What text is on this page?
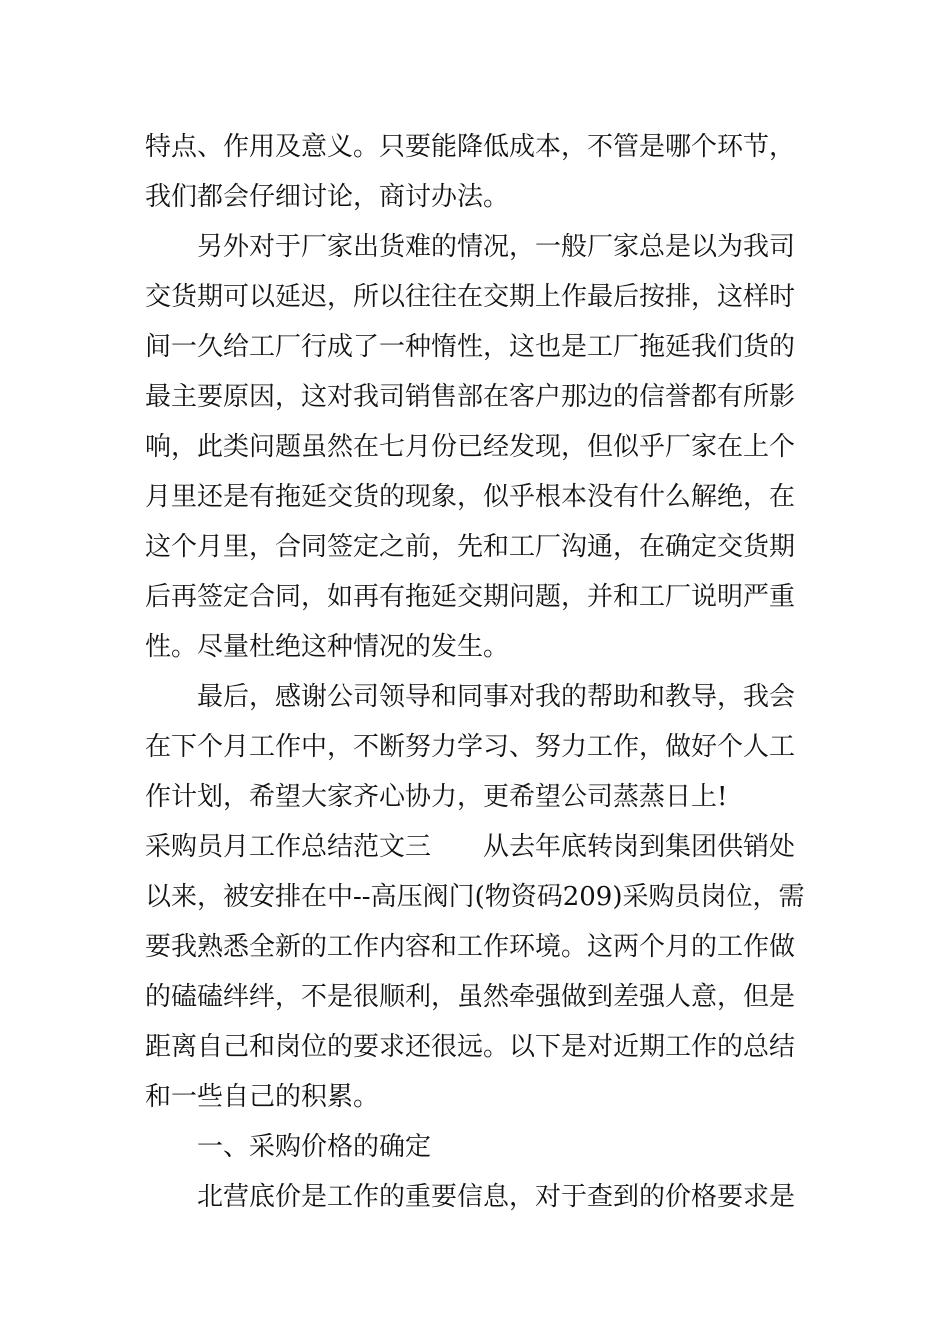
特点、作用及意义。只要能降低成本，不管是哪个环节，
我们都会仔细讨论，商讨办法。
另外对于厂家出货难的情况，一般厂家总是以为我司
交货期可以延迟，所以往往在交期上作最后按排，这样时
间一久给工厂行成了一种惰性，这也是工厂拖延我们货的
最主要原因，这对我司销售部在客户那边的信誉都有所影
响，此类问题虽然在七月份已经发现，但似乎厂家在上个
月里还是有拖延交货的现象，似乎根本没有什么解绝，在
这个月里，合同签定之前，先和工厂沟通，在确定交货期
后再签定合同，如再有拖延交期问题，并和工厂说明严重
性。尽量杜绝这种情况的发生。
最后，感谢公司领导和同事对我的帮助和教导，我会
在下个月工作中，不断努力学习、努力工作，做好个人工
作计划，希望大家齐心协力，更希望公司蒸蒸日上!
采购员月工作总结范文三 从去年底转岗到集团供销处
以来，被安排在中--高压阀门(物资码209)采购员岗位，需
要我熟悉全新的工作内容和工作环境。这两个月的工作做
的磕磕绊绊，不是很顺利，虽然牵强做到差强人意，但是
距离自己和岗位的要求还很远。以下是对近期工作的总结
和一些自己的积累。
一、采购价格的确定
北营底价是工作的重要信息，对于查到的价格要求是
